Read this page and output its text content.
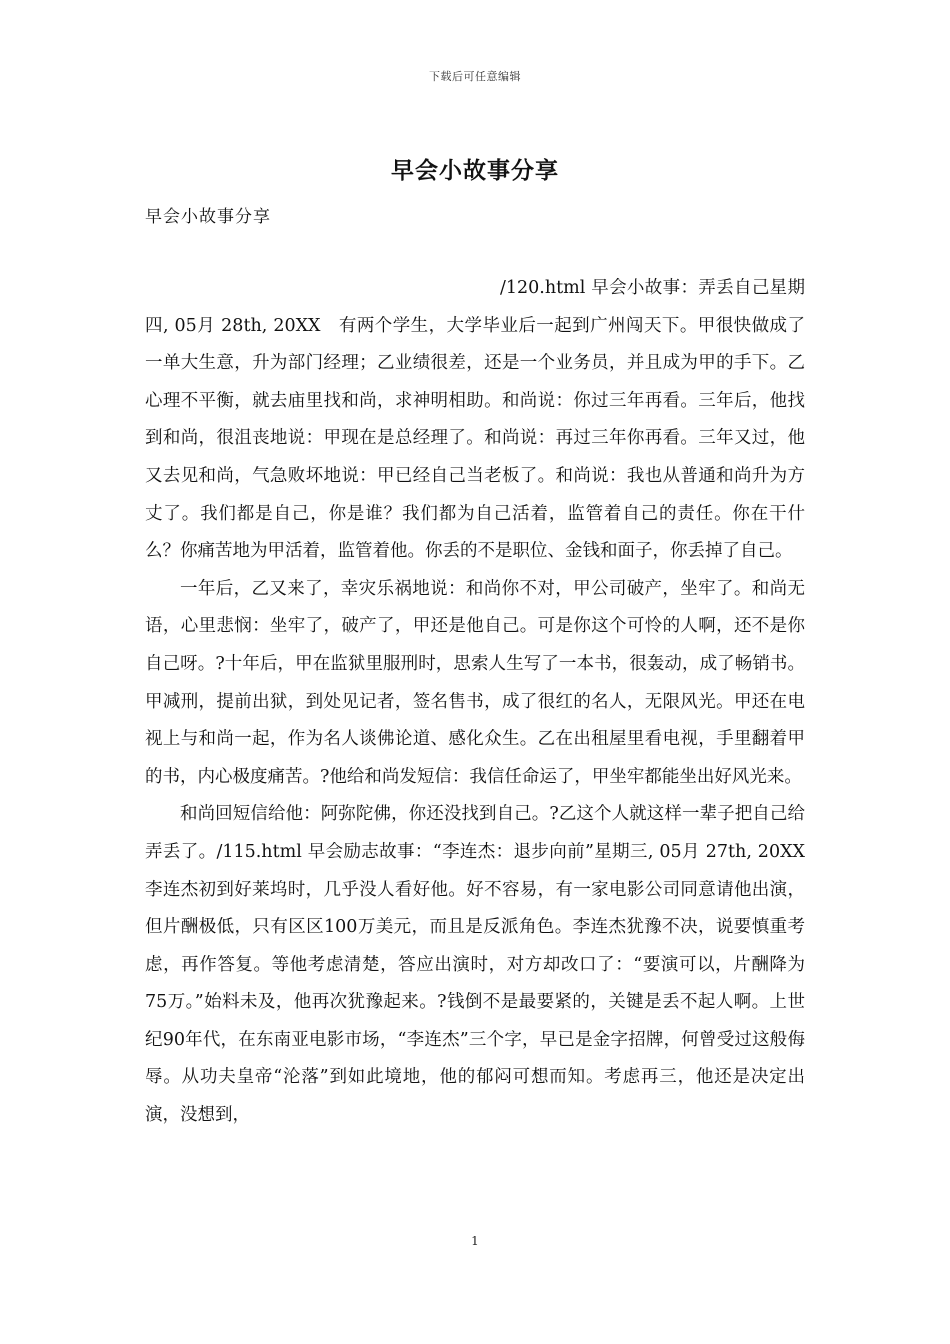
下载后可任意编辑
早会小故事分享
早会小故事分享

/120.html 早会小故事：弄丢自己星期四, 05月 28th, 20XX　有两个学生，大学毕业后一起到广州闯天下。甲很快做成了一单大生意，升为部门经理；乙业绩很差，还是一个业务员，并且成为甲的手下。乙心理不平衡，就去庙里找和尚，求神明相助。和尚说：你过三年再看。三年后，他找到和尚，很沮丧地说：甲现在是总经理了。和尚说：再过三年你再看。三年又过，他又去见和尚，气急败坏地说：甲已经自己当老板了。和尚说：我也从普通和尚升为方丈了。我们都是自己，你是谁？我们都为自己活着，监管着自己的责任。你在干什么？你痛苦地为甲活着，监管着他。你丢的不是职位、金钱和面子，你丢掉了自己。

一年后，乙又来了，幸灾乐祸地说：和尚你不对，甲公司破产，坐牢了。和尚无语，心里悲悯：坐牢了，破产了，甲还是他自己。可是你这个可怜的人啊，还不是你自己呀。?十年后，甲在监狱里服刑时，思索人生写了一本书，很轰动，成了畅销书。甲减刑，提前出狱，到处见记者，签名售书，成了很红的名人，无限风光。甲还在电视上与和尚一起，作为名人谈佛论道、感化众生。乙在出租屋里看电视，手里翻着甲的书，内心极度痛苦。?他给和尚发短信：我信任命运了，甲坐牢都能坐出好风光来。

和尚回短信给他：阿弥陀佛，你还没找到自己。?乙这个人就这样一辈子把自己给弄丢了。/115.html 早会励志故事：“李连杰：退步向前”星期三, 05月 27th, 20XX　李连杰初到好莱坞时，几乎没人看好他。好不容易，有一家电影公司同意请他出演，但片酬极低，只有区区100万美元，而且是反派角色。李连杰犹豫不决，说要慎重考虑，再作答复。等他考虑清楚，答应出演时，对方却改口了：“要演可以，片酬降为75万。”始料未及，他再次犹豫起来。?钱倒不是最要紧的，关键是丢不起人啊。上世纪90年代，在东南亚电影市场，“李连杰”三个字，早已是金字招牌，何曾受过这般侮辱。从功夫皇帝“沦落”到如此境地，他的郁闷可想而知。考虑再三，他还是决定出演，没想到，

1
